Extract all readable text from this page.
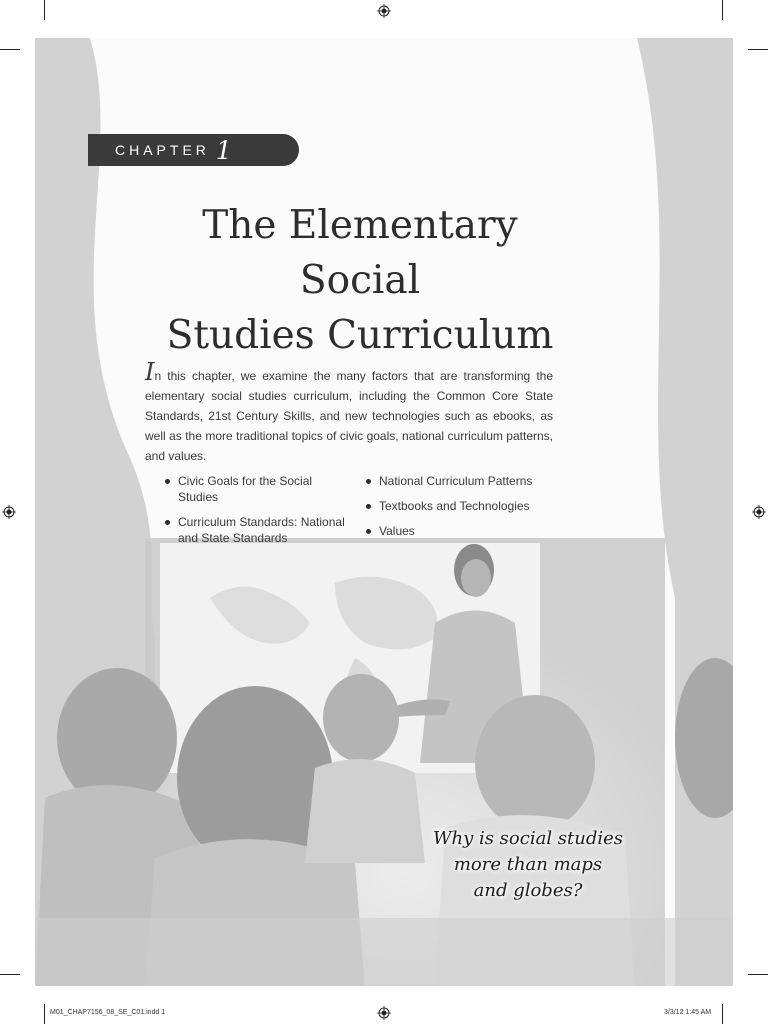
CHAPTER 1
The Elementary Social
Studies Curriculum

In this chapter, we examine the many factors that are transforming the elementary social studies curriculum, including the Common Core State Standards, 21st Century Skills, and new technologies such as ebooks, as well as the more traditional topics of civic goals, national curriculum patterns, and values.

Civic Goals for the Social Studies
Curriculum Standards: National and State Standards
National Curriculum Patterns
Textbooks and Technologies
Values
Why is social studies
more than maps
and globes?
M01_CHAP7156_08_SE_C01.indd 1	3/3/12 1:45 AM
